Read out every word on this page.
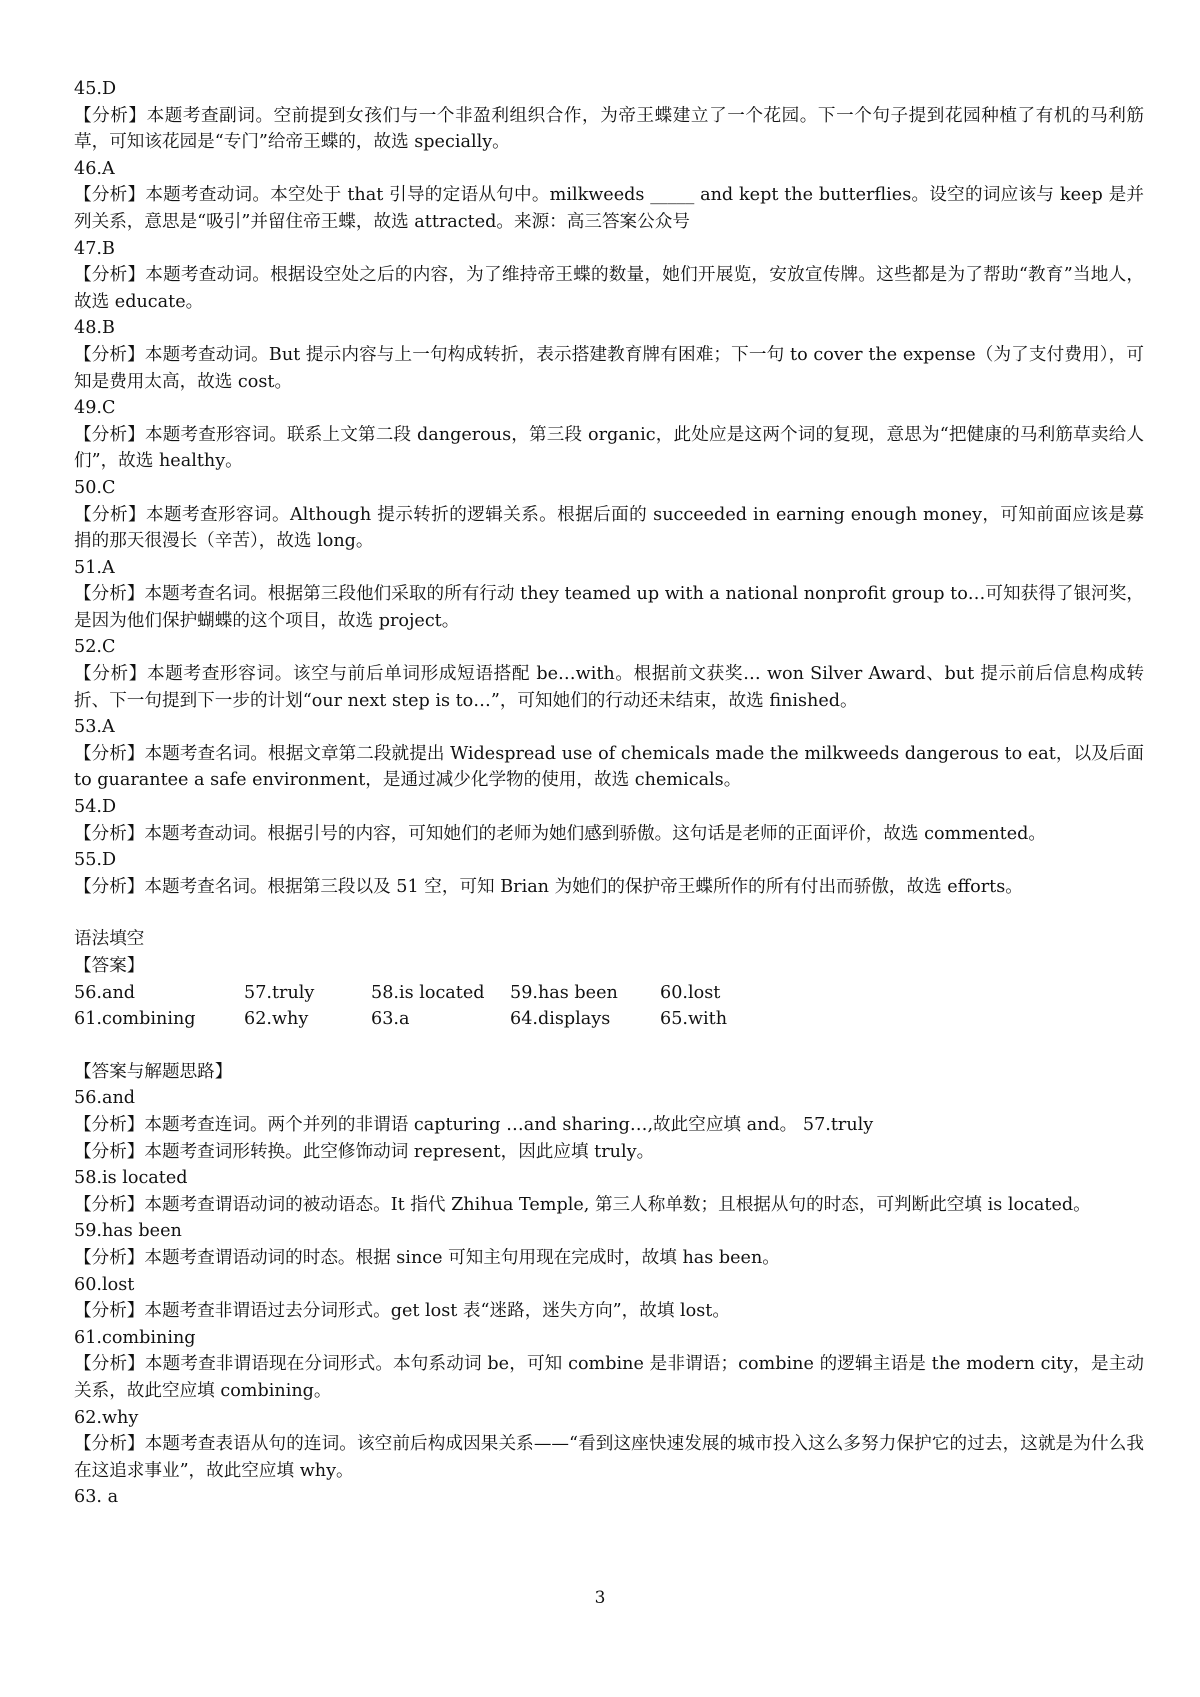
45.D
【分析】本题考查副词。空前提到女孩们与一个非盈利组织合作，为帝王蝶建立了一个花园。下一个句子提到花园种植了有机的马利筋草，可知该花园是“专门”给帝王蝶的，故选 specially。
46.A
【分析】本题考查动词。本空处于 that 引导的定语从句中。milkweeds _____ and kept the butterflies。设空的词应该与 keep 是并列关系，意思是“吸引”并留住帝王蝶，故选 attracted。来源：高三答案公众号
47.B
【分析】本题考查动词。根据设空处之后的内容，为了维持帝王蝶的数量，她们开展览，安放宣传牌。这些都是为了帮助“教育”当地人，故选 educate。
48.B
【分析】本题考查动词。But 提示内容与上一句构成转折，表示搭建教育牌有困难；下一句 to cover the expense（为了支付费用），可知是费用太高，故选 cost。
49.C
【分析】本题考查形容词。联系上文第二段 dangerous，第三段 organic，此处应是这两个词的复现，意思为“把健康的马利筋草卖给人们”，故选 healthy。
50.C
【分析】本题考查形容词。Although 提示转折的逻辑关系。根据后面的 succeeded in earning enough money，可知前面应该是募捐的那天很漫长（辛苦），故选 long。
51.A
【分析】本题考查名词。根据第三段他们采取的所有行动 they teamed up with a national nonprofit group to…可知获得了银河奖，是因为他们保护蝴蝶的这个项目，故选 project。
52.C
【分析】本题考查形容词。该空与前后单词形成短语搭配 be…with。根据前文获奖… won Silver Award、but 提示前后信息构成转折、下一句提到下一步的计划“our next step is to…”，可知她们的行动还未结束，故选 finished。
53.A
【分析】本题考查名词。根据文章第二段就提出 Widespread use of chemicals made the milkweeds dangerous to eat，以及后面 to guarantee a safe environment，是通过减少化学物的使用，故选 chemicals。
54.D
【分析】本题考查动词。根据引号的内容，可知她们的老师为她们感到骄傲。这句话是老师的正面评价，故选 commented。
55.D
【分析】本题考查名词。根据第三段以及 51 空，可知 Brian 为她们的保护帝王蝶所作的所有付出而骄傲，故选 efforts。
语法填空
【答案】
56.and	57.truly	58.is located	59.has been	60.lost
61.combining	62.why	63.a	64.displays	65.with
【答案与解题思路】
56.and
【分析】本题考查连词。两个并列的非谓语 capturing …and sharing…,故此空应填 and。 57.truly
【分析】本题考查词形转换。此空修饰动词 represent，因此应填 truly。
58.is located
【分析】本题考查谓语动词的被动语态。It 指代 Zhihua Temple, 第三人称单数；且根据从句的时态，可判断此空填 is located。
59.has been
【分析】本题考查谓语动词的时态。根据 since 可知主句用现在完成时，故填 has been。
60.lost
【分析】本题考查非谓语过去分词形式。get lost 表“迷路，迷失方向”，故填 lost。
61.combining
【分析】本题考查非谓语现在分词形式。本句系动词 be，可知 combine 是非谓语；combine 的逻辑主语是 the modern city，是主动关系，故此空应填 combining。
62.why
【分析】本题考查表语从句的连词。该空前后构成因果关系——“看到这座快速发展的城市投入这么多努力保护它的过去，这就是为什么我在这追求事业”，故此空应填 why。
63. a
3
